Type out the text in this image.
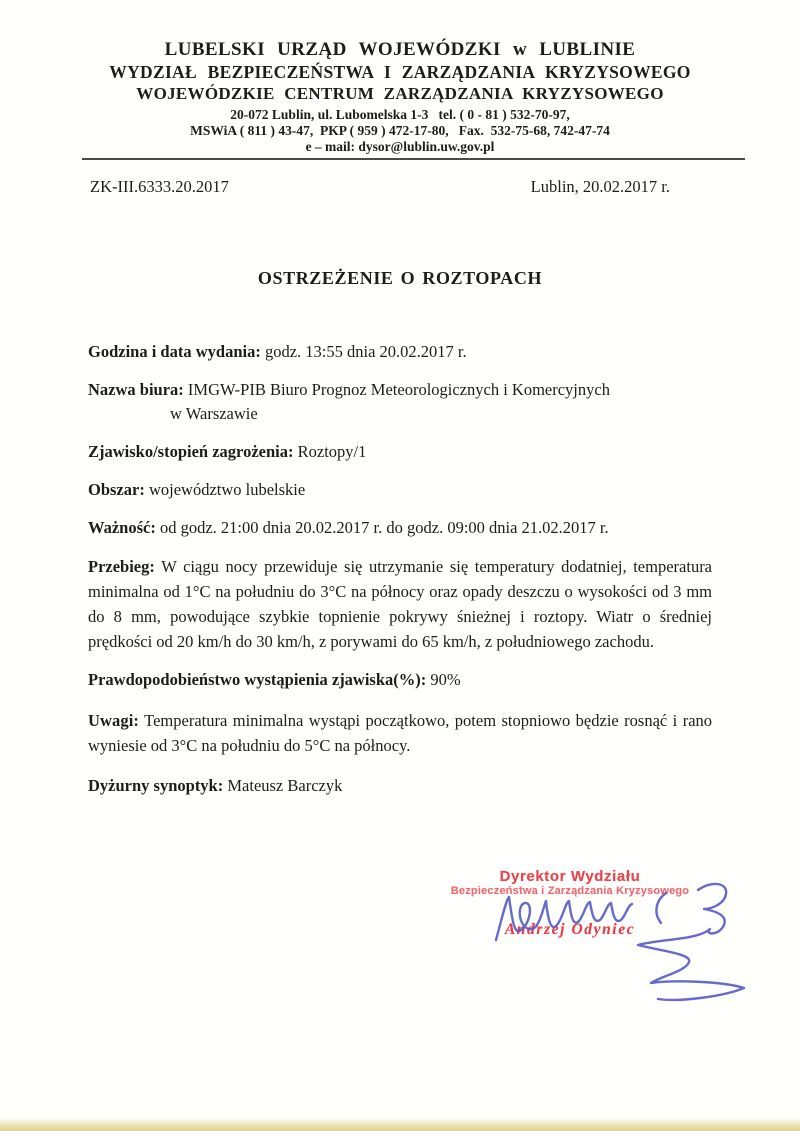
LUBELSKI URZĄD WOJEWÓDZKI w LUBLINIE
WYDZIAŁ BEZPIECZEŃSTWA I ZARZĄDZANIA KRYZYSOWEGO
WOJEWÓDZKIE CENTRUM ZARZĄDZANIA KRYZYSOWEGO
20-072 Lublin, ul. Lubomelska 1-3   tel. ( 0 - 81 ) 532-70-97,
MSWiA ( 811 ) 43-47,  PKP ( 959 ) 472-17-80,   Fax.  532-75-68, 742-47-74
e – mail: dysor@lublin.uw.gov.pl
ZK-III.6333.20.2017	Lublin, 20.02.2017 r.
OSTRZEŻENIE O ROZTOPACH

Godzina i data wydania: godz. 13:55 dnia 20.02.2017 r.

Nazwa biura: IMGW-PIB Biuro Prognoz Meteorologicznych i Komercyjnych
w Warszawie

Zjawisko/stopień zagrożenia: Roztopy/1

Obszar: województwo lubelskie

Ważność: od godz. 21:00 dnia 20.02.2017 r. do godz. 09:00 dnia 21.02.2017 r.

Przebieg: W ciągu nocy przewiduje się utrzymanie się temperatury dodatniej, temperatura minimalna od 1°C na południu do 3°C na północy oraz opady deszczu o wysokości od 3 mm do 8 mm, powodujące szybkie topnienie pokrywy śnieżnej i roztopy. Wiatr o średniej prędkości od 20 km/h do 30 km/h, z porywami do 65 km/h, z południowego zachodu.

Prawdopodobieństwo wystąpienia zjawiska(%): 90%

Uwagi: Temperatura minimalna wystąpi początkowo, potem stopniowo będzie rosnąć i rano wyniesie od 3°C na południu do 5°C na północy.

Dyżurny synoptyk: Mateusz Barczyk

Dyrektor Wydziału
Bezpieczeństwa i Zarządzania Kryzysowego
Andrzej Odyniec
